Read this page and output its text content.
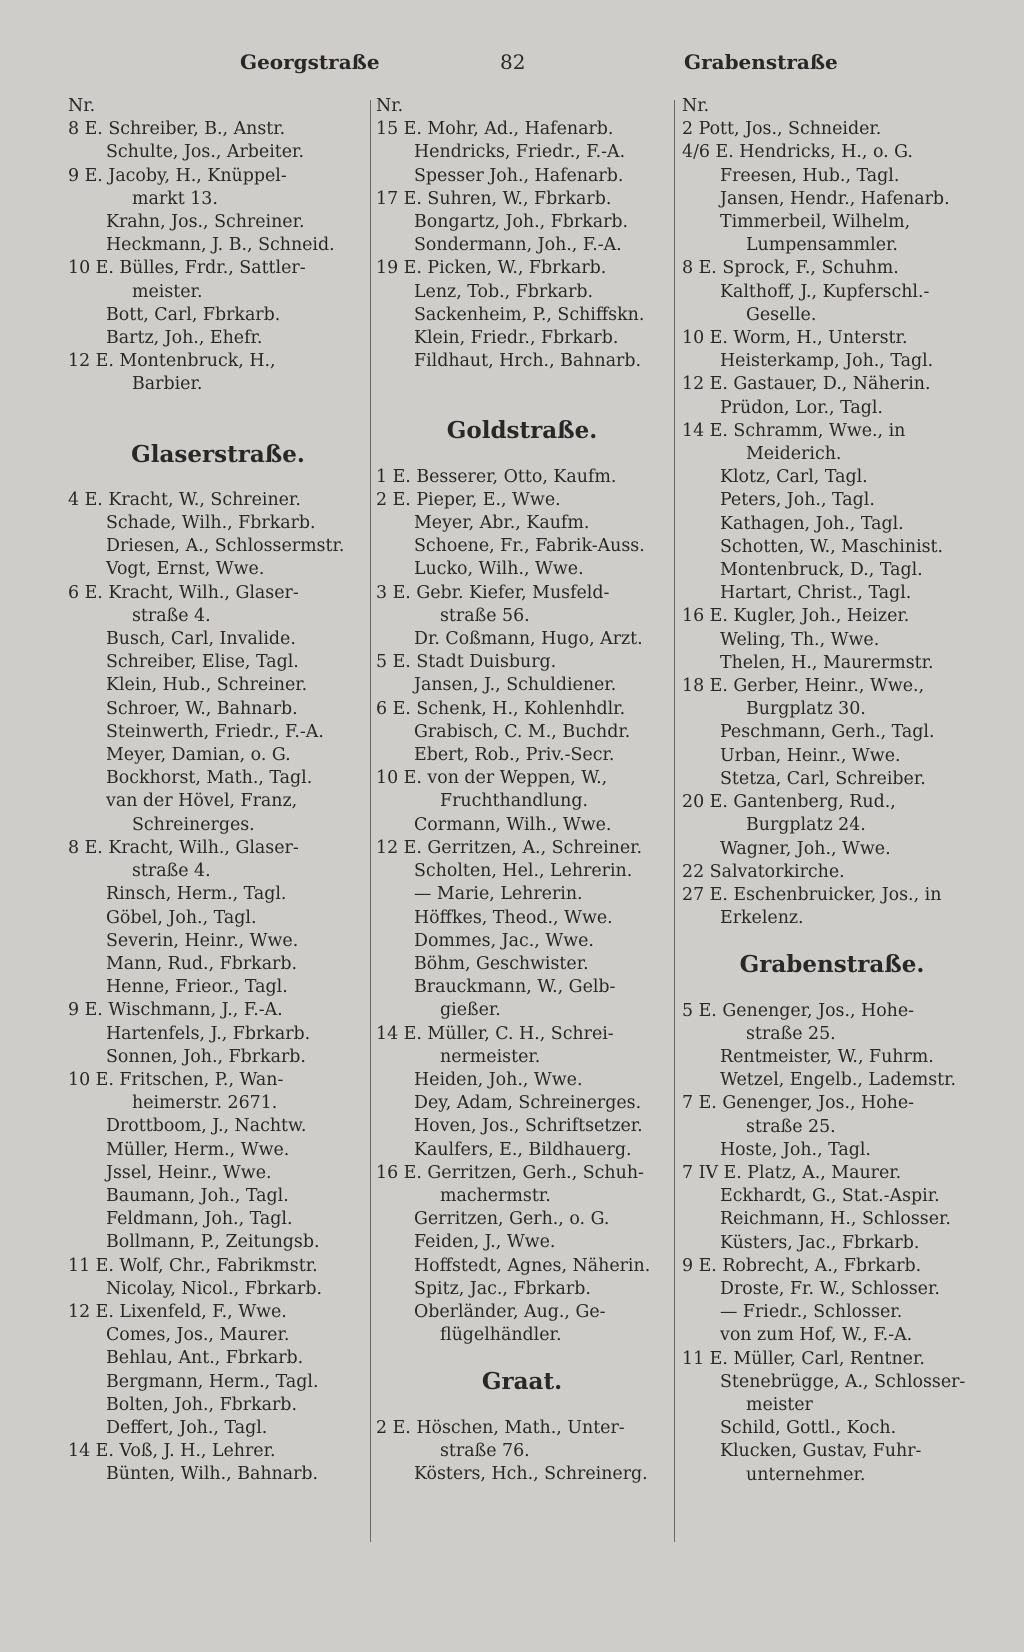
Georgstraße	82	Grabenstraße
Nr.
8 E. Schreiber, B., Anstr.
Schulte, Jos., Arbeiter.
9 E. Jacoby, H., Knüppel-
markt 13.
Krahn, Jos., Schreiner.
Heckmann, J. B., Schneid.
10 E. Bülles, Frdr., Sattler-
meister.
Bott, Carl, Fbrkarb.
Bartz, Joh., Ehefr.
12 E. Montenbruck, H.,
Barbier.
Glaserstraße.
4 E. Kracht, W., Schreiner.
Schade, Wilh., Fbrkarb.
Driesen, A., Schlossermstr.
Vogt, Ernst, Wwe.
6 E. Kracht, Wilh., Glaser-
straße 4.
Busch, Carl, Invalide.
Schreiber, Elise, Tagl.
Klein, Hub., Schreiner.
Schroer, W., Bahnarb.
Steinwerth, Friedr., F.-A.
Meyer, Damian, o. G.
Bockhorst, Math., Tagl.
van der Hövel, Franz,
Schreinerges.
8 E. Kracht, Wilh., Glaser-
straße 4.
Rinsch, Herm., Tagl.
Göbel, Joh., Tagl.
Severin, Heinr., Wwe.
Mann, Rud., Fbrkarb.
Henne, Frieor., Tagl.
9 E. Wischmann, J., F.-A.
Hartenfels, J., Fbrkarb.
Sonnen, Joh., Fbrkarb.
10 E. Fritschen, P., Wan-
heimerstr. 2671.
Drottboom, J., Nachtw.
Müller, Herm., Wwe.
Jssel, Heinr., Wwe.
Baumann, Joh., Tagl.
Feldmann, Joh., Tagl.
Bollmann, P., Zeitungsb.
11 E. Wolf, Chr., Fabrikmstr.
Nicolay, Nicol., Fbrkarb.
12 E. Lixenfeld, F., Wwe.
Comes, Jos., Maurer.
Behlau, Ant., Fbrkarb.
Bergmann, Herm., Tagl.
Bolten, Joh., Fbrkarb.
Deffert, Joh., Tagl.
14 E. Voß, J. H., Lehrer.
Bünten, Wilh., Bahnarb.
Nr.
15 E. Mohr, Ad., Hafenarb.
Hendricks, Friedr., F.-A.
Spesser Joh., Hafenarb.
17 E. Suhren, W., Fbrkarb.
Bongartz, Joh., Fbrkarb.
Sondermann, Joh., F.-A.
19 E. Picken, W., Fbrkarb.
Lenz, Tob., Fbrkarb.
Sackenheim, P., Schiffskn.
Klein, Friedr., Fbrkarb.
Fildhaut, Hrch., Bahnarb.
Goldstraße.
1 E. Besserer, Otto, Kaufm.
2 E. Pieper, E., Wwe.
Meyer, Abr., Kaufm.
Schoene, Fr., Fabrik-Auss.
Lucko, Wilh., Wwe.
3 E. Gebr. Kiefer, Musfeld-
straße 56.
Dr. Coßmann, Hugo, Arzt.
5 E. Stadt Duisburg.
Jansen, J., Schuldiener.
6 E. Schenk, H., Kohlenhdlr.
Grabisch, C. M., Buchdr.
Ebert, Rob., Priv.-Secr.
10 E. von der Weppen, W.,
Fruchthandlung.
Cormann, Wilh., Wwe.
12 E. Gerritzen, A., Schreiner.
Scholten, Hel., Lehrerin.
— Marie, Lehrerin.
Höffkes, Theod., Wwe.
Dommes, Jac., Wwe.
Böhm, Geschwister.
Brauckmann, W., Gelb-
gießer.
14 E. Müller, C. H., Schrei-
nermeister.
Heiden, Joh., Wwe.
Dey, Adam, Schreinerges.
Hoven, Jos., Schriftsetzer.
Kaulfers, E., Bildhauerg.
16 E. Gerritzen, Gerh., Schuh-
machermstr.
Gerritzen, Gerh., o. G.
Feiden, J., Wwe.
Hoffstedt, Agnes, Näherin.
Spitz, Jac., Fbrkarb.
Oberländer, Aug., Ge-
flügelhändler.
Graat.
2 E. Höschen, Math., Unter-
straße 76.
Kösters, Hch., Schreinerg.
Nr.
2 Pott, Jos., Schneider.
4/6 E. Hendricks, H., o. G.
Freesen, Hub., Tagl.
Jansen, Hendr., Hafenarb.
Timmerbeil, Wilhelm,
Lumpensammler.
8 E. Sprock, F., Schuhm.
Kalthoff, J., Kupferschl.-
Geselle.
10 E. Worm, H., Unterstr.
Heisterkamp, Joh., Tagl.
12 E. Gastauer, D., Näherin.
Prüdon, Lor., Tagl.
14 E. Schramm, Wwe., in
Meiderich.
Klotz, Carl, Tagl.
Peters, Joh., Tagl.
Kathagen, Joh., Tagl.
Schotten, W., Maschinist.
Montenbruck, D., Tagl.
Hartart, Christ., Tagl.
16 E. Kugler, Joh., Heizer.
Weling, Th., Wwe.
Thelen, H., Maurermstr.
18 E. Gerber, Heinr., Wwe.,
Burgplatz 30.
Peschmann, Gerh., Tagl.
Urban, Heinr., Wwe.
Stetza, Carl, Schreiber.
20 E. Gantenberg, Rud.,
Burgplatz 24.
Wagner, Joh., Wwe.
22 Salvatorkirche.
27 E. Eschenbruicker, Jos., in
Erkelenz.
Grabenstraße.
5 E. Genenger, Jos., Hohe-
straße 25.
Rentmeister, W., Fuhrm.
Wetzel, Engelb., Lademstr.
7 E. Genenger, Jos., Hohe-
straße 25.
Hoste, Joh., Tagl.
7 IV E. Platz, A., Maurer.
Eckhardt, G., Stat.-Aspir.
Reichmann, H., Schlosser.
Küsters, Jac., Fbrkarb.
9 E. Robrecht, A., Fbrkarb.
Droste, Fr. W., Schlosser.
— Friedr., Schlosser.
von zum Hof, W., F.-A.
11 E. Müller, Carl, Rentner.
Stenebrügge, A., Schlosser-
meister
Schild, Gottl., Koch.
Klucken, Gustav, Fuhr-
unternehmer.
